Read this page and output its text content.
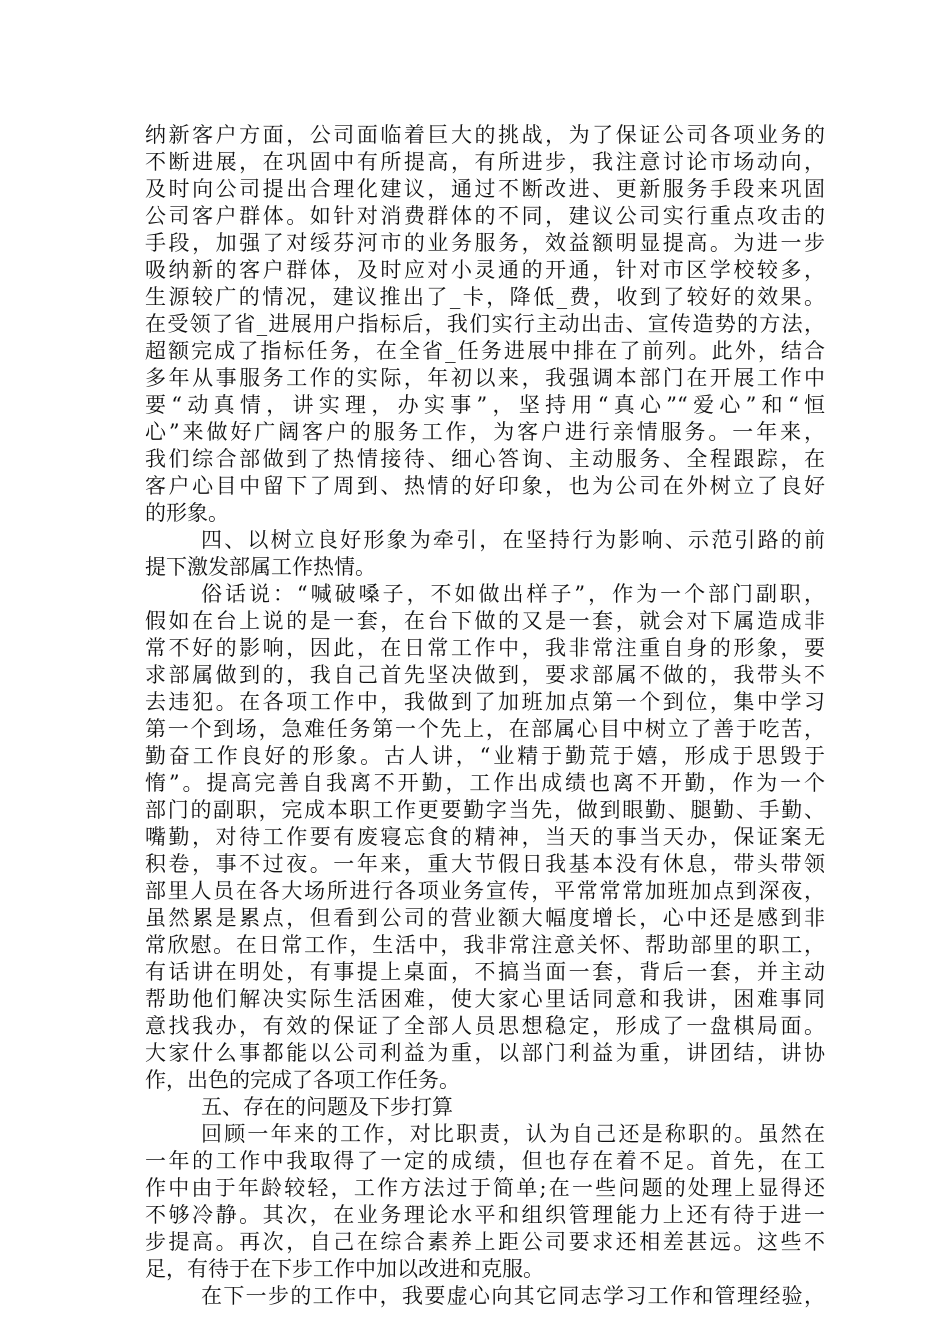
纳新客户方面，公司面临着巨大的挑战，为了保证公司各项业务的
不断进展，在巩固中有所提高，有所进步，我注意讨论市场动向，
及时向公司提出合理化建议，通过不断改进、更新服务手段来巩固
公司客户群体。如针对消费群体的不同，建议公司实行重点攻击的
手段，加强了对绥芬河市的业务服务，效益额明显提高。为进一步
吸纳新的客户群体，及时应对小灵通的开通，针对市区学校较多，
生源较广的情况，建议推出了_卡，降低_费，收到了较好的效果。
在受领了省_进展用户指标后，我们实行主动出击、宣传造势的方法，
超额完成了指标任务，在全省_任务进展中排在了前列。此外，结合
多年从事服务工作的实际，年初以来，我强调本部门在开展工作中
要“动真情，讲实理，办实事”，坚持用“真心”“爱心”和“恒
心”来做好广阔客户的服务工作，为客户进行亲情服务。一年来，
我们综合部做到了热情接待、细心答询、主动服务、全程跟踪，在
客户心目中留下了周到、热情的好印象，也为公司在外树立了良好
的形象。
四、以树立良好形象为牵引，在坚持行为影响、示范引路的前
提下激发部属工作热情。
俗话说：“喊破嗓子，不如做出样子”，作为一个部门副职，
假如在台上说的是一套，在台下做的又是一套，就会对下属造成非
常不好的影响，因此，在日常工作中，我非常注重自身的形象，要
求部属做到的，我自己首先坚决做到，要求部属不做的，我带头不
去违犯。在各项工作中，我做到了加班加点第一个到位，集中学习
第一个到场，急难任务第一个先上，在部属心目中树立了善于吃苦，
勤奋工作良好的形象。古人讲，“业精于勤荒于嬉，形成于思毁于
惰”。提高完善自我离不开勤，工作出成绩也离不开勤，作为一个
部门的副职，完成本职工作更要勤字当先，做到眼勤、腿勤、手勤、
嘴勤，对待工作要有废寝忘食的精神，当天的事当天办，保证案无
积卷，事不过夜。一年来，重大节假日我基本没有休息，带头带领
部里人员在各大场所进行各项业务宣传，平常常常加班加点到深夜，
虽然累是累点，但看到公司的营业额大幅度增长，心中还是感到非
常欣慰。在日常工作，生活中，我非常注意关怀、帮助部里的职工，
有话讲在明处，有事提上桌面，不搞当面一套，背后一套，并主动
帮助他们解决实际生活困难，使大家心里话同意和我讲，困难事同
意找我办，有效的保证了全部人员思想稳定，形成了一盘棋局面。
大家什么事都能以公司利益为重，以部门利益为重，讲团结，讲协
作，出色的完成了各项工作任务。
五、存在的问题及下步打算
回顾一年来的工作，对比职责，认为自己还是称职的。虽然在
一年的工作中我取得了一定的成绩，但也存在着不足。首先，在工
作中由于年龄较轻，工作方法过于简单;在一些问题的处理上显得还
不够冷静。其次，在业务理论水平和组织管理能力上还有待于进一
步提高。再次，自己在综合素养上距公司要求还相差甚远。这些不
足，有待于在下步工作中加以改进和克服。
在下一步的工作中，我要虚心向其它同志学习工作和管理经验，
